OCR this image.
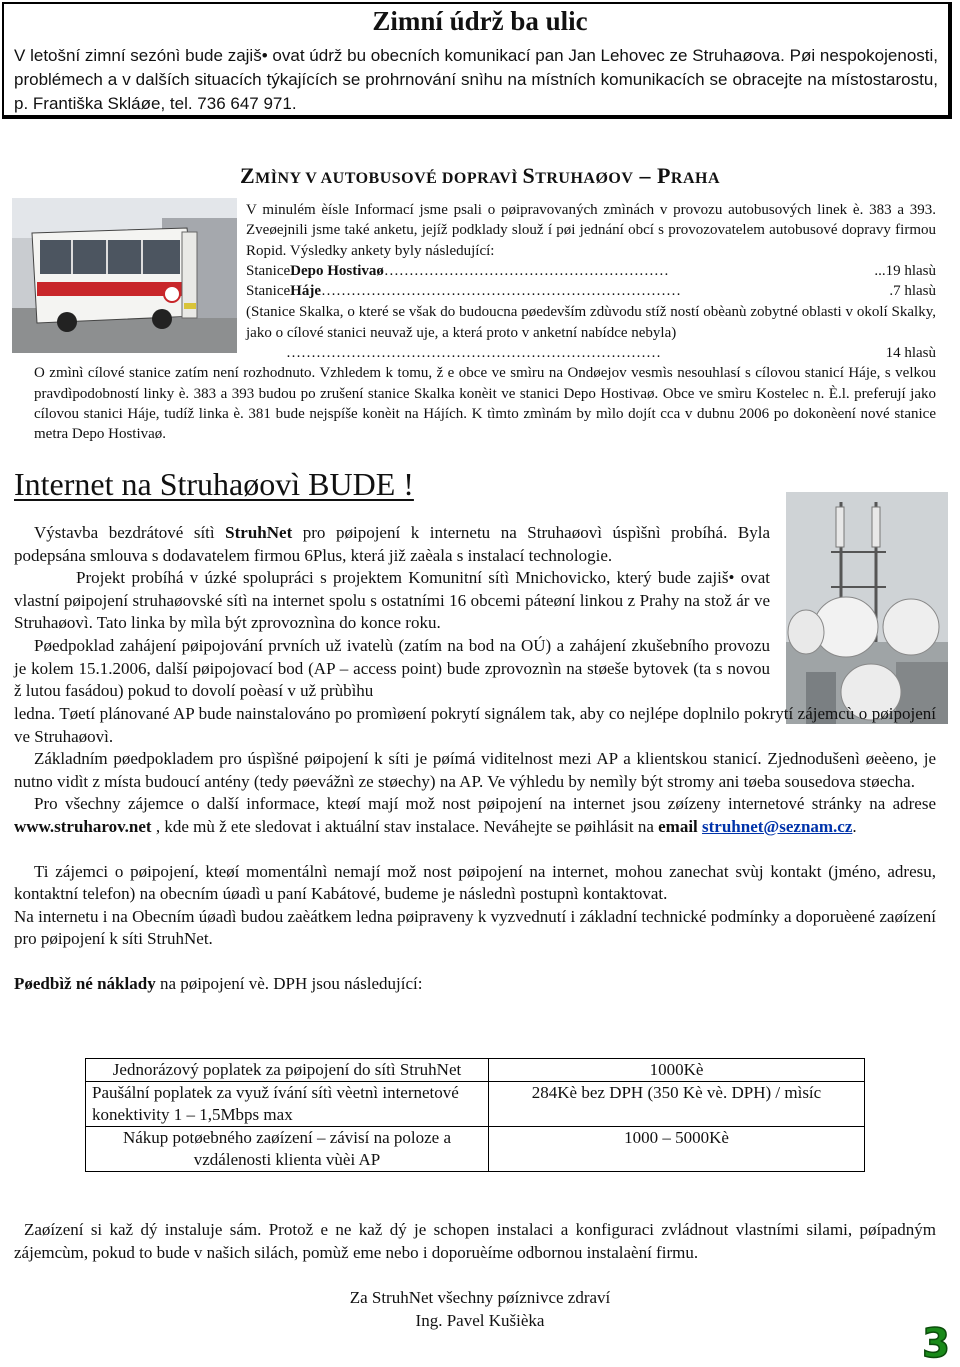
Zimní údrž ba ulic
V letošní zimní sezónì bude zajiš• ovat údrž bu obecních komunikací pan Jan Lehovec ze Struhaøova. Pøi nespokojenosti, problémech a v dalších situacích týkajících se prohrnování snìhu na místních komunikacích se obracejte na místostarostu, p. Františka Skláøe, tel. 736 647 971.
ZMÌNY V AUTOBUSOVÉ DOPRAVÌ STRUHAØOV – PRAHA
V minulém èísle Informací jsme psali o pøipravovaných zmìnách v provozu autobusových linek è. 383 a 393. Zveøejnili jsme také anketu, jejíž podklady slouž í pøi jednání obcí s provozovatelem autobusové dopravy firmou Ropid. Výsledky ankety byly následující:
Stanice Depo Hostivaø …………………………………………………	...19 hlasù
Stanice Háje ………………………………………………………………	.7 hlasù
(Stanice Skalka, o které se však do budoucna pøedevším zdùvodu stíž ností obèanù zobytné oblasti v okolí Skalky, jako o cílové stanici neuvaž uje, a která proto v anketní nabídce nebyla)
…………………………………………………………………	14 hlasù
O zmìnì cílové stanice zatím není rozhodnuto. Vzhledem k tomu, ž e obce ve smìru na Ondøejov vesmìs nesouhlasí s cílovou stanicí Háje, s velkou pravdìpodobností linky è. 383 a 393 budou po zrušení stanice Skalka konèit ve stanici Depo Hostivaø. Obce ve smìru Kostelec n. È.l. preferují jako cílovou stanici Háje, tudíž linka è. 381 bude nejspíše konèit na Hájích. K tìmto zmìnám by mìlo dojít cca v dubnu 2006 po dokonèení nové stanice metra Depo Hostivaø.
Internet na Struhaøovì BUDE !
Výstavba bezdrátové sítì StruhNet pro pøipojení k internetu na Struhaøovì úspìšnì probíhá. Byla podepsána smlouva s dodavatelem firmou 6Plus, která již zaèala s instalací technologie.
Projekt probíhá v úzké spolupráci s projektem Komunitní sítì Mnichovicko, který bude zajiš• ovat vlastní pøipojení struhaøovské sítì na internet spolu s ostatními 16 obcemi páteøní linkou z Prahy na stož ár ve Struhaøovì. Tato linka by mìla být zprovoznìna do konce roku.
Pøedpoklad zahájení pøipojování prvních už ivatelù (zatím na bod na OÚ) a zahájení zkušebního provozu je kolem 15.1.2006, další pøipojovací bod (AP – access point) bude zprovoznìn na støeše bytovek (ta s novou ž lutou fasádou) pokud to dovolí poèasí v už prùbìhu
ledna. Tøetí plánované AP bude nainstalováno po promìøení pokrytí signálem tak, aby co nejlépe doplnilo pokrytí zájemcù o pøipojení ve Struhaøovì.
Základním pøedpokladem pro úspìšné pøipojení k síti je pøímá viditelnost mezi AP a klientskou stanicí. Zjednodušenì øeèeno, je nutno vidìt z místa budoucí antény (tedy pøevážnì ze støechy) na AP. Ve výhledu by nemìly být stromy ani tøeba sousedova støecha.
Pro všechny zájemce o další informace, kteøí mají mož nost pøipojení na internet jsou zøízeny internetové stránky na adrese www.struharov.net , kde mù ž ete sledovat i aktuální stav instalace. Neváhejte se pøihlásit na email struhnet@seznam.cz.
Ti zájemci o pøipojení, kteøí momentálnì nemají mož nost pøipojení na internet, mohou zanechat svùj kontakt (jméno, adresu, kontaktní telefon) na obecním úøadì u paní Kabátové, budeme je následnì postupnì kontaktovat.
Na internetu i na Obecním úøadì budou zaèátkem ledna pøipraveny k vyzvednutí i základní technické podmínky a doporuèené zaøízení pro pøipojení k síti StruhNet.
Pøedbìž né náklady na pøipojení vè. DPH jsou následující:
Jednorázový poplatek za pøipojení do sítì StruhNet	1000Kè
Paušální poplatek za využ ívání sítì vèetnì internetové konektivity 1 – 1,5Mbps max	284Kè bez DPH (350 Kè vè. DPH) / mìsíc
Nákup potøebného zaøízení – závisí na poloze a vzdálenosti klienta vùèi AP	1000 – 5000Kè
Zaøízení si kaž dý instaluje sám. Protož e ne kaž dý je schopen instalaci a konfiguraci zvládnout vlastními silami, pøípadným zájemcùm, pokud to bude v našich silách, pomùž eme nebo i doporuèíme odbornou instalaèní firmu.
Za StruhNet všechny pøíznivce zdraví
Ing. Pavel Kušièka
3
